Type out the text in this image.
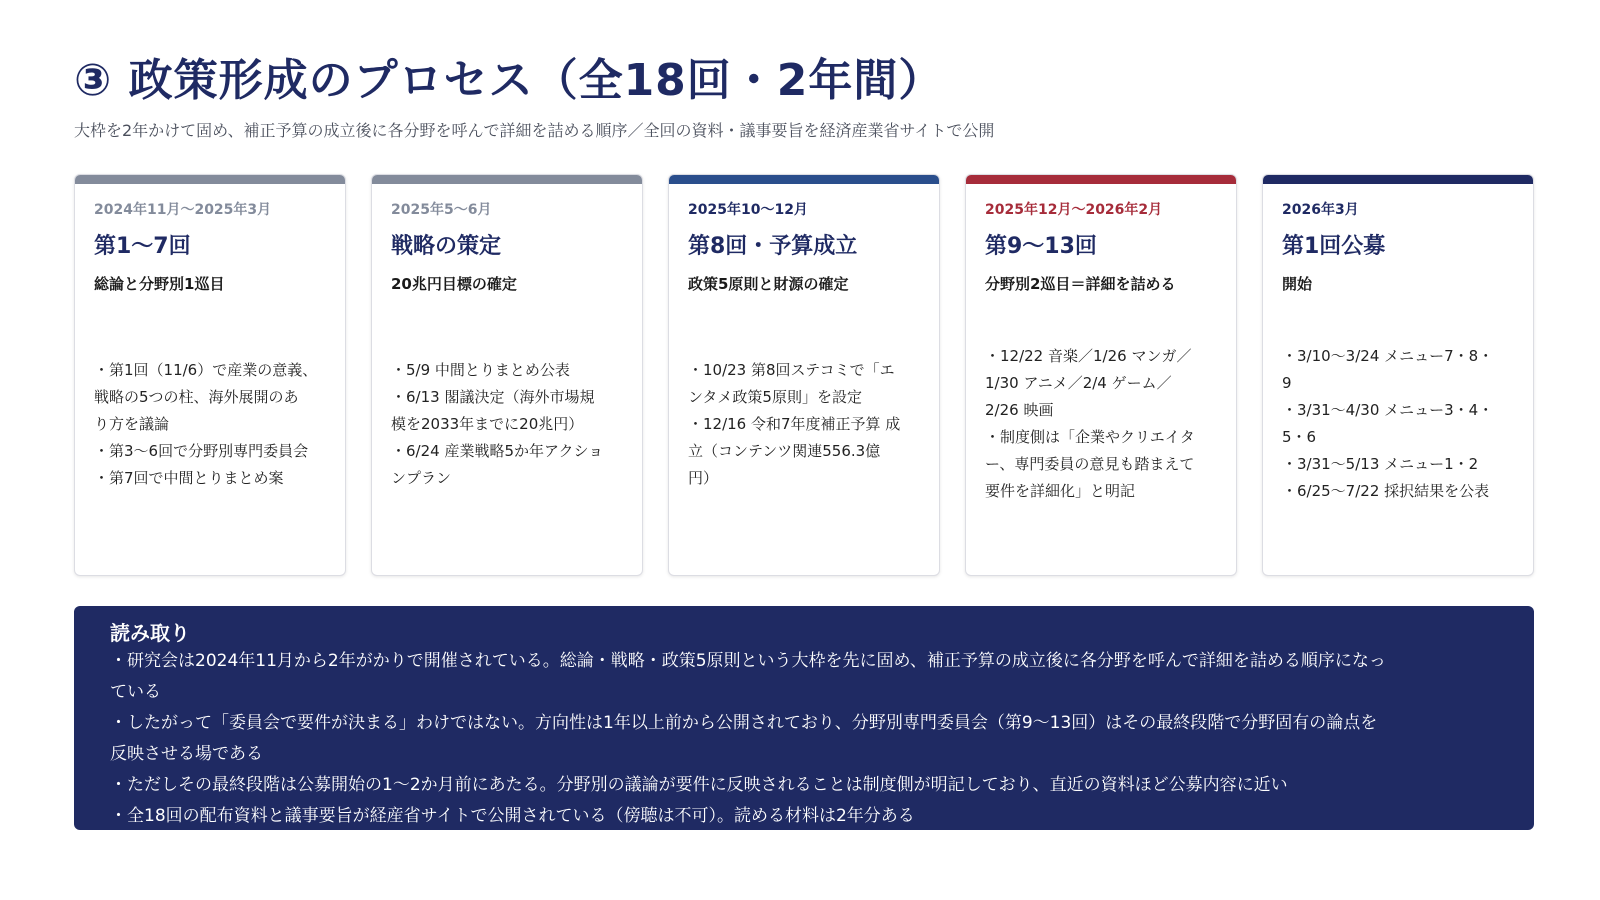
③ 政策形成のプロセス（全18回・2年間）
大枠を2年かけて固め、補正予算の成立後に各分野を呼んで詳細を詰める順序／全回の資料・議事要旨を経済産業省サイトで公開
2024年11月～2025年3月
第1～7回
総論と分野別1巡目
・第1回（11/6）で産業の意義、
戦略の5つの柱、海外展開のあ
り方を議論
・第3～6回で分野別専門委員会
・第7回で中間とりまとめ案
2025年5～6月
戦略の策定
20兆円目標の確定
・5/9 中間とりまとめ公表
・6/13 閣議決定（海外市場規
模を2033年までに20兆円）
・6/24 産業戦略5か年アクショ
ンプラン
2025年10～12月
第8回・予算成立
政策5原則と財源の確定
・10/23 第8回ステコミで「エ
ンタメ政策5原則」を設定
・12/16 令和7年度補正予算 成
立（コンテンツ関連556.3億
円）
2025年12月～2026年2月
第9～13回
分野別2巡目＝詳細を詰める
・12/22 音楽／1/26 マンガ／
1/30 アニメ／2/4 ゲーム／
2/26 映画
・制度側は「企業やクリエイタ
ー、専門委員の意見も踏まえて
要件を詳細化」と明記
2026年3月
第1回公募
開始
・3/10～3/24 メニュー7・8・
9
・3/31～4/30 メニュー3・4・
5・6
・3/31～5/13 メニュー1・2
・6/25～7/22 採択結果を公表
読み取り
・研究会は2024年11月から2年がかりで開催されている。総論・戦略・政策5原則という大枠を先に固め、補正予算の成立後に各分野を呼んで詳細を詰める順序になっ
ている
・したがって「委員会で要件が決まる」わけではない。方向性は1年以上前から公開されており、分野別専門委員会（第9～13回）はその最終段階で分野固有の論点を
反映させる場である
・ただしその最終段階は公募開始の1～2か月前にあたる。分野別の議論が要件に反映されることは制度側が明記しており、直近の資料ほど公募内容に近い
・全18回の配布資料と議事要旨が経産省サイトで公開されている（傍聴は不可）。読める材料は2年分ある
